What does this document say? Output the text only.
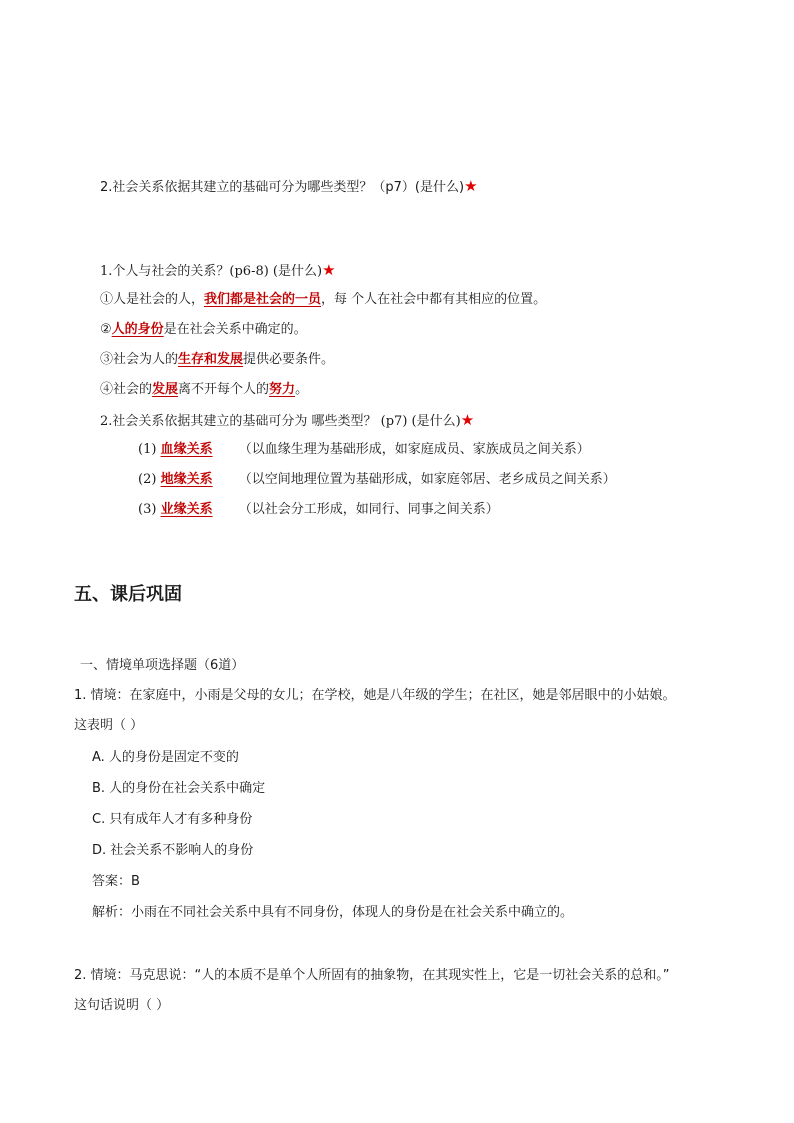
2.社会关系依据其建立的基础可分为哪些类型？（p7）(是什么)★
1.个人与社会的关系？(p6-8) (是什么)★
①人是社会的人，我们都是社会的一员，每 个人在社会中都有其相应的位置。
②人的身份是在社会关系中确定的。
③社会为人的生存和发展提供必要条件。
④社会的发展离不开每个人的努力。
2.社会关系依据其建立的基础可分为 哪些类型？ (p7) (是什么)★
(1) 血缘关系 （以血缘生理为基础形成，如家庭成员、家族成员之间关系）
(2) 地缘关系 （以空间地理位置为基础形成，如家庭邻居、老乡成员之间关系）
(3) 业缘关系 （以社会分工形成，如同行、同事之间关系）
五、课后巩固
一、情境单项选择题（6道）
1. 情境：在家庭中，小雨是父母的女儿；在学校，她是八年级的学生；在社区，她是邻居眼中的小姑娘。
这表明（ ）
A. 人的身份是固定不变的
B. 人的身份在社会关系中确定
C. 只有成年人才有多种身份
D. 社会关系不影响人的身份
答案：B
解析：小雨在不同社会关系中具有不同身份，体现人的身份是在社会关系中确立的。
2. 情境：马克思说：“人的本质不是单个人所固有的抽象物，在其现实性上，它是一切社会关系的总和。”
这句话说明（ ）
